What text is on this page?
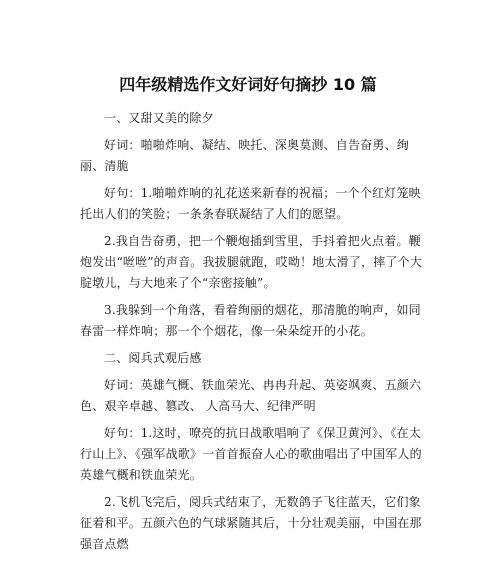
四年级精选作文好词好句摘抄 10 篇

一、又甜又美的除夕

好词：啪啪炸响、凝结、映托、深奥莫测、自告奋勇、绚丽、清脆

好句：1.啪啪炸响的礼花送来新春的祝福；一个个红灯笼映托出人们的笑脸；一条条春联凝结了人们的愿望。

2.我自告奋勇，把一个鞭炮插到雪里，手抖着把火点着。鞭炮发出“咝咝”的声音。我拔腿就跑，哎呦！地太滑了，摔了个大腚墩儿，与大地来了个“亲密接触”。

3.我躲到一个角落，看着绚丽的烟花，那清脆的响声，如同春雷一样炸响；那一个个烟花，像一朵朵绽开的小花。

二、阅兵式观后感

好词：英雄气概、铁血荣光、冉冉升起、英姿飒爽、五颜六色、艰辛卓越、篡改、 人高马大、纪律严明

好句：1.这时，嘹亮的抗日战歌唱响了《保卫黄河》、《在太行山上》、《强军战歌》一首首振奋人心的歌曲唱出了中国军人的英雄气概和铁血荣光。

2.飞机飞完后，阅兵式结束了，无数鸽子飞往蓝天，它们象征着和平。五颜六色的气球紧随其后，十分壮观美丽，中国在那强音点燃
